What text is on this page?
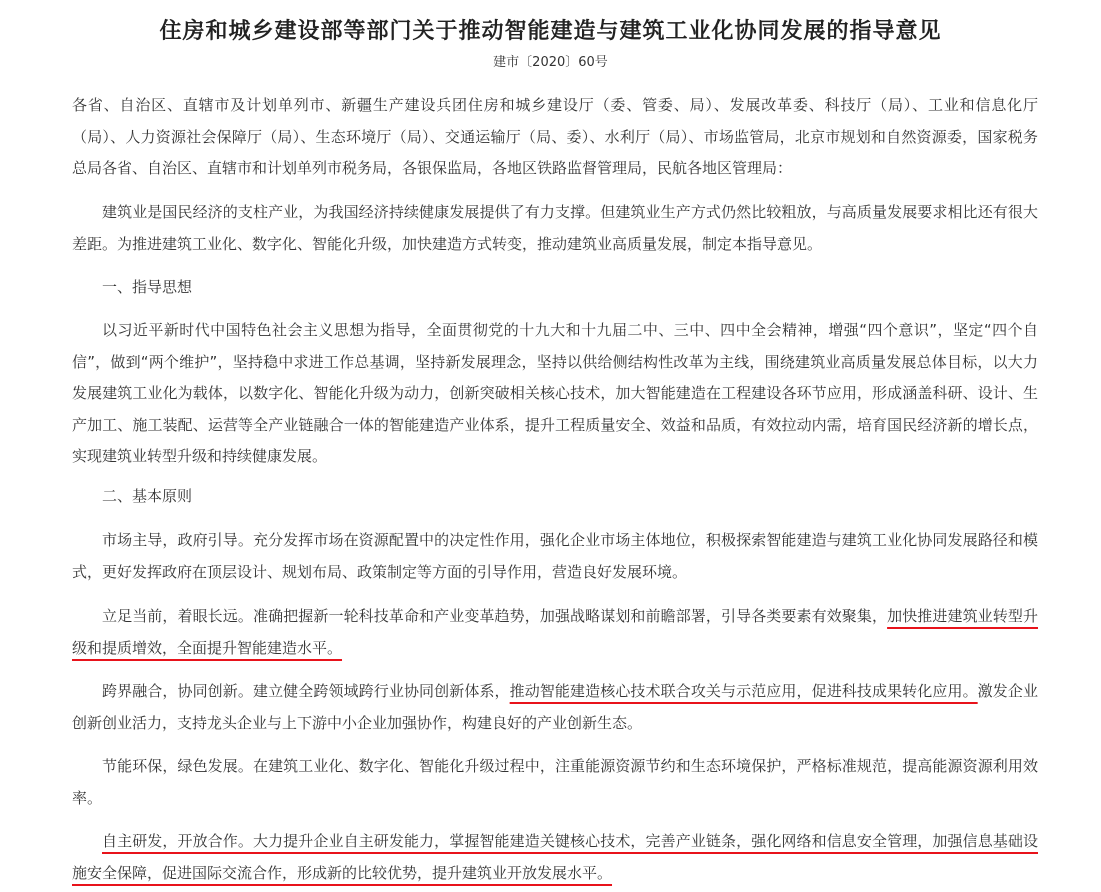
住房和城乡建设部等部门关于推动智能建造与建筑工业化协同发展的指导意见
建市〔2020〕60号

各省、自治区、直辖市及计划单列市、新疆生产建设兵团住房和城乡建设厅（委、管委、局）、发展改革委、科技厅（局）、工业和信息化厅（局）、人力资源社会保障厅（局）、生态环境厅（局）、交通运输厅（局、委）、水利厅（局）、市场监管局，北京市规划和自然资源委，国家税务总局各省、自治区、直辖市和计划单列市税务局，各银保监局，各地区铁路监督管理局，民航各地区管理局：

建筑业是国民经济的支柱产业，为我国经济持续健康发展提供了有力支撑。但建筑业生产方式仍然比较粗放，与高质量发展要求相比还有很大差距。为推进建筑工业化、数字化、智能化升级，加快建造方式转变，推动建筑业高质量发展，制定本指导意见。

一、指导思想

以习近平新时代中国特色社会主义思想为指导，全面贯彻党的十九大和十九届二中、三中、四中全会精神，增强“四个意识”，坚定“四个自信”，做到“两个维护”，坚持稳中求进工作总基调，坚持新发展理念，坚持以供给侧结构性改革为主线，围绕建筑业高质量发展总体目标，以大力发展建筑工业化为载体，以数字化、智能化升级为动力，创新突破相关核心技术，加大智能建造在工程建设各环节应用，形成涵盖科研、设计、生产加工、施工装配、运营等全产业链融合一体的智能建造产业体系，提升工程质量安全、效益和品质，有效拉动内需，培育国民经济新的增长点，实现建筑业转型升级和持续健康发展。

二、基本原则

市场主导，政府引导。充分发挥市场在资源配置中的决定性作用，强化企业市场主体地位，积极探索智能建造与建筑工业化协同发展路径和模式，更好发挥政府在顶层设计、规划布局、政策制定等方面的引导作用，营造良好发展环境。

立足当前，着眼长远。准确把握新一轮科技革命和产业变革趋势，加强战略谋划和前瞻部署，引导各类要素有效聚集，加快推进建筑业转型升级和提质增效，全面提升智能建造水平。

跨界融合，协同创新。建立健全跨领域跨行业协同创新体系，推动智能建造核心技术联合攻关与示范应用，促进科技成果转化应用。激发企业创新创业活力，支持龙头企业与上下游中小企业加强协作，构建良好的产业创新生态。

节能环保，绿色发展。在建筑工业化、数字化、智能化升级过程中，注重能源资源节约和生态环境保护，严格标准规范，提高能源资源利用效率。

自主研发，开放合作。大力提升企业自主研发能力，掌握智能建造关键核心技术，完善产业链条，强化网络和信息安全管理，加强信息基础设施安全保障，促进国际交流合作，形成新的比较优势，提升建筑业开放发展水平。
